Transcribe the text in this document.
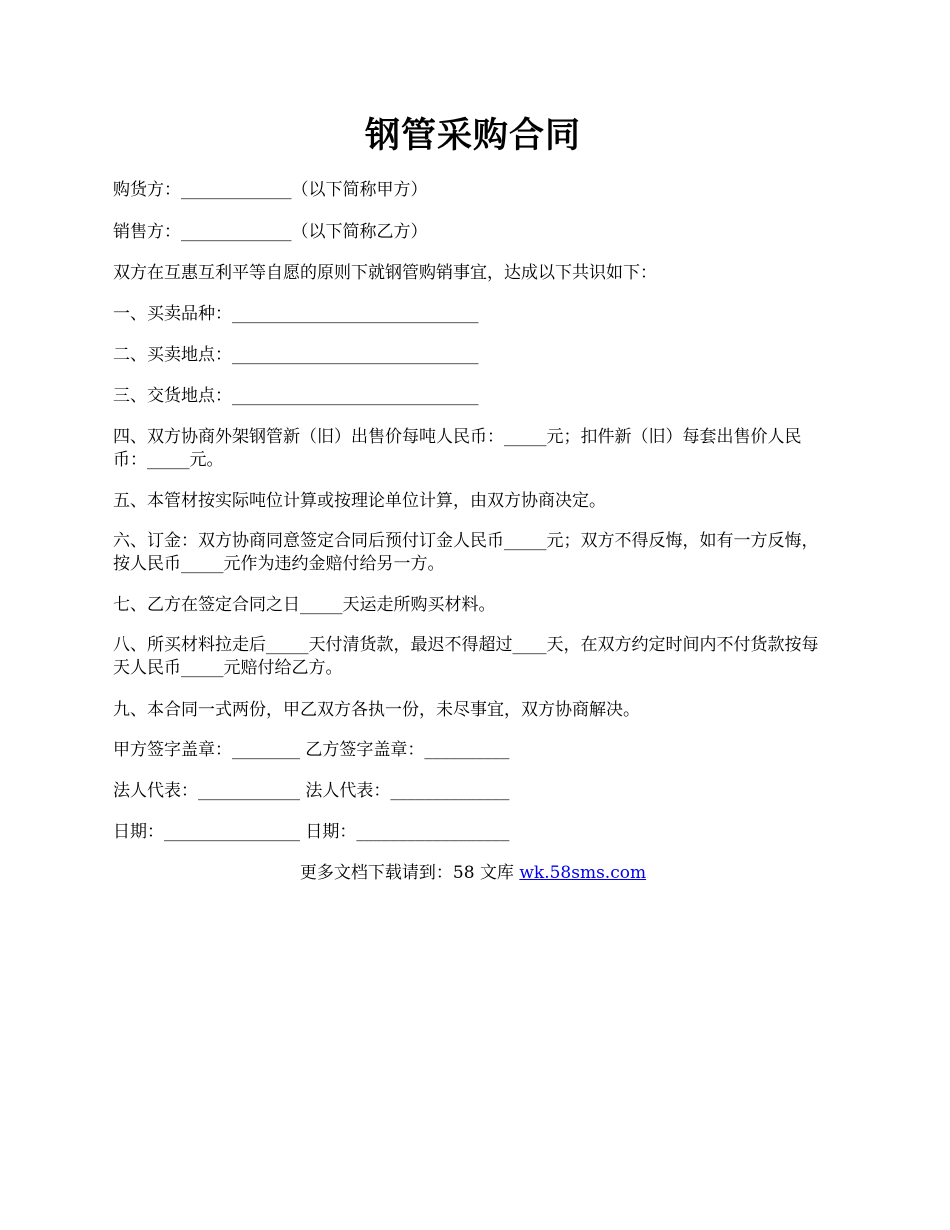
钢管采购合同
购货方：_____________（以下简称甲方）
销售方：_____________（以下简称乙方）
双方在互惠互利平等自愿的原则下就钢管购销事宜，达成以下共识如下：
一、买卖品种：_____________________________
二、买卖地点：_____________________________
三、交货地点：_____________________________
四、双方协商外架钢管新（旧）出售价每吨人民币：_____元；扣件新（旧）每套出售价人民币：_____元。
五、本管材按实际吨位计算或按理论单位计算，由双方协商决定。
六、订金：双方协商同意签定合同后预付订金人民币_____元；双方不得反悔，如有一方反悔，按人民币_____元作为违约金赔付给另一方。
七、乙方在签定合同之日_____天运走所购买材料。
八、所买材料拉走后_____天付清货款，最迟不得超过____天，在双方约定时间内不付货款按每天人民币_____元赔付给乙方。
九、本合同一式两份，甲乙双方各执一份，未尽事宜，双方协商解决。
甲方签字盖章：________ 乙方签字盖章：__________
法人代表：____________ 法人代表：______________
日期：________________ 日期：__________________
更多文档下载请到：58 文库 wk.58sms.com
